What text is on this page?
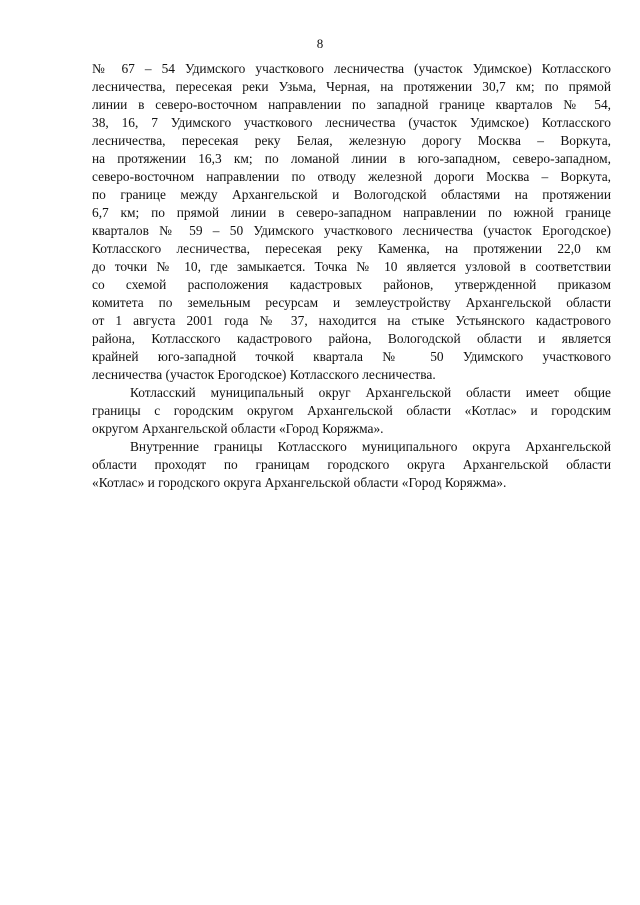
8
№ 67 – 54 Удимского участкового лесничества (участок Удимское) Котласского
лесничества, пересекая реки Узьма, Черная, на протяжении 30,7 км; по прямой
линии в северо-восточном направлении по западной границе кварталов № 54,
38, 16, 7 Удимского участкового лесничества (участок Удимское) Котласского
лесничества, пересекая реку Белая, железную дорогу Москва – Воркута,
на протяжении 16,3 км; по ломаной линии в юго-западном, северо-западном,
северо-восточном направлении по отводу железной дороги Москва – Воркута,
по границе между Архангельской и Вологодской областями на протяжении
6,7 км; по прямой линии в северо-западном направлении по южной границе
кварталов № 59 – 50 Удимского участкового лесничества (участок Ерогодское)
Котласского лесничества, пересекая реку Каменка, на протяжении 22,0 км
до точки № 10, где замыкается. Точка № 10 является узловой в соответствии
со схемой расположения кадастровых районов, утвержденной приказом
комитета по земельным ресурсам и землеустройству Архангельской области
от 1 августа 2001 года № 37, находится на стыке Устьянского кадастрового
района, Котласского кадастрового района, Вологодской области и является
крайней юго-западной точкой квартала № 50 Удимского участкового
лесничества (участок Ерогодское) Котласского лесничества.
Котласский муниципальный округ Архангельской области имеет общие
границы с городским округом Архангельской области «Котлас» и городским
округом Архангельской области «Город Коряжма».
Внутренние границы Котласского муниципального округа Архангельской
области проходят по границам городского округа Архангельской области
«Котлас» и городского округа Архангельской области «Город Коряжма».
